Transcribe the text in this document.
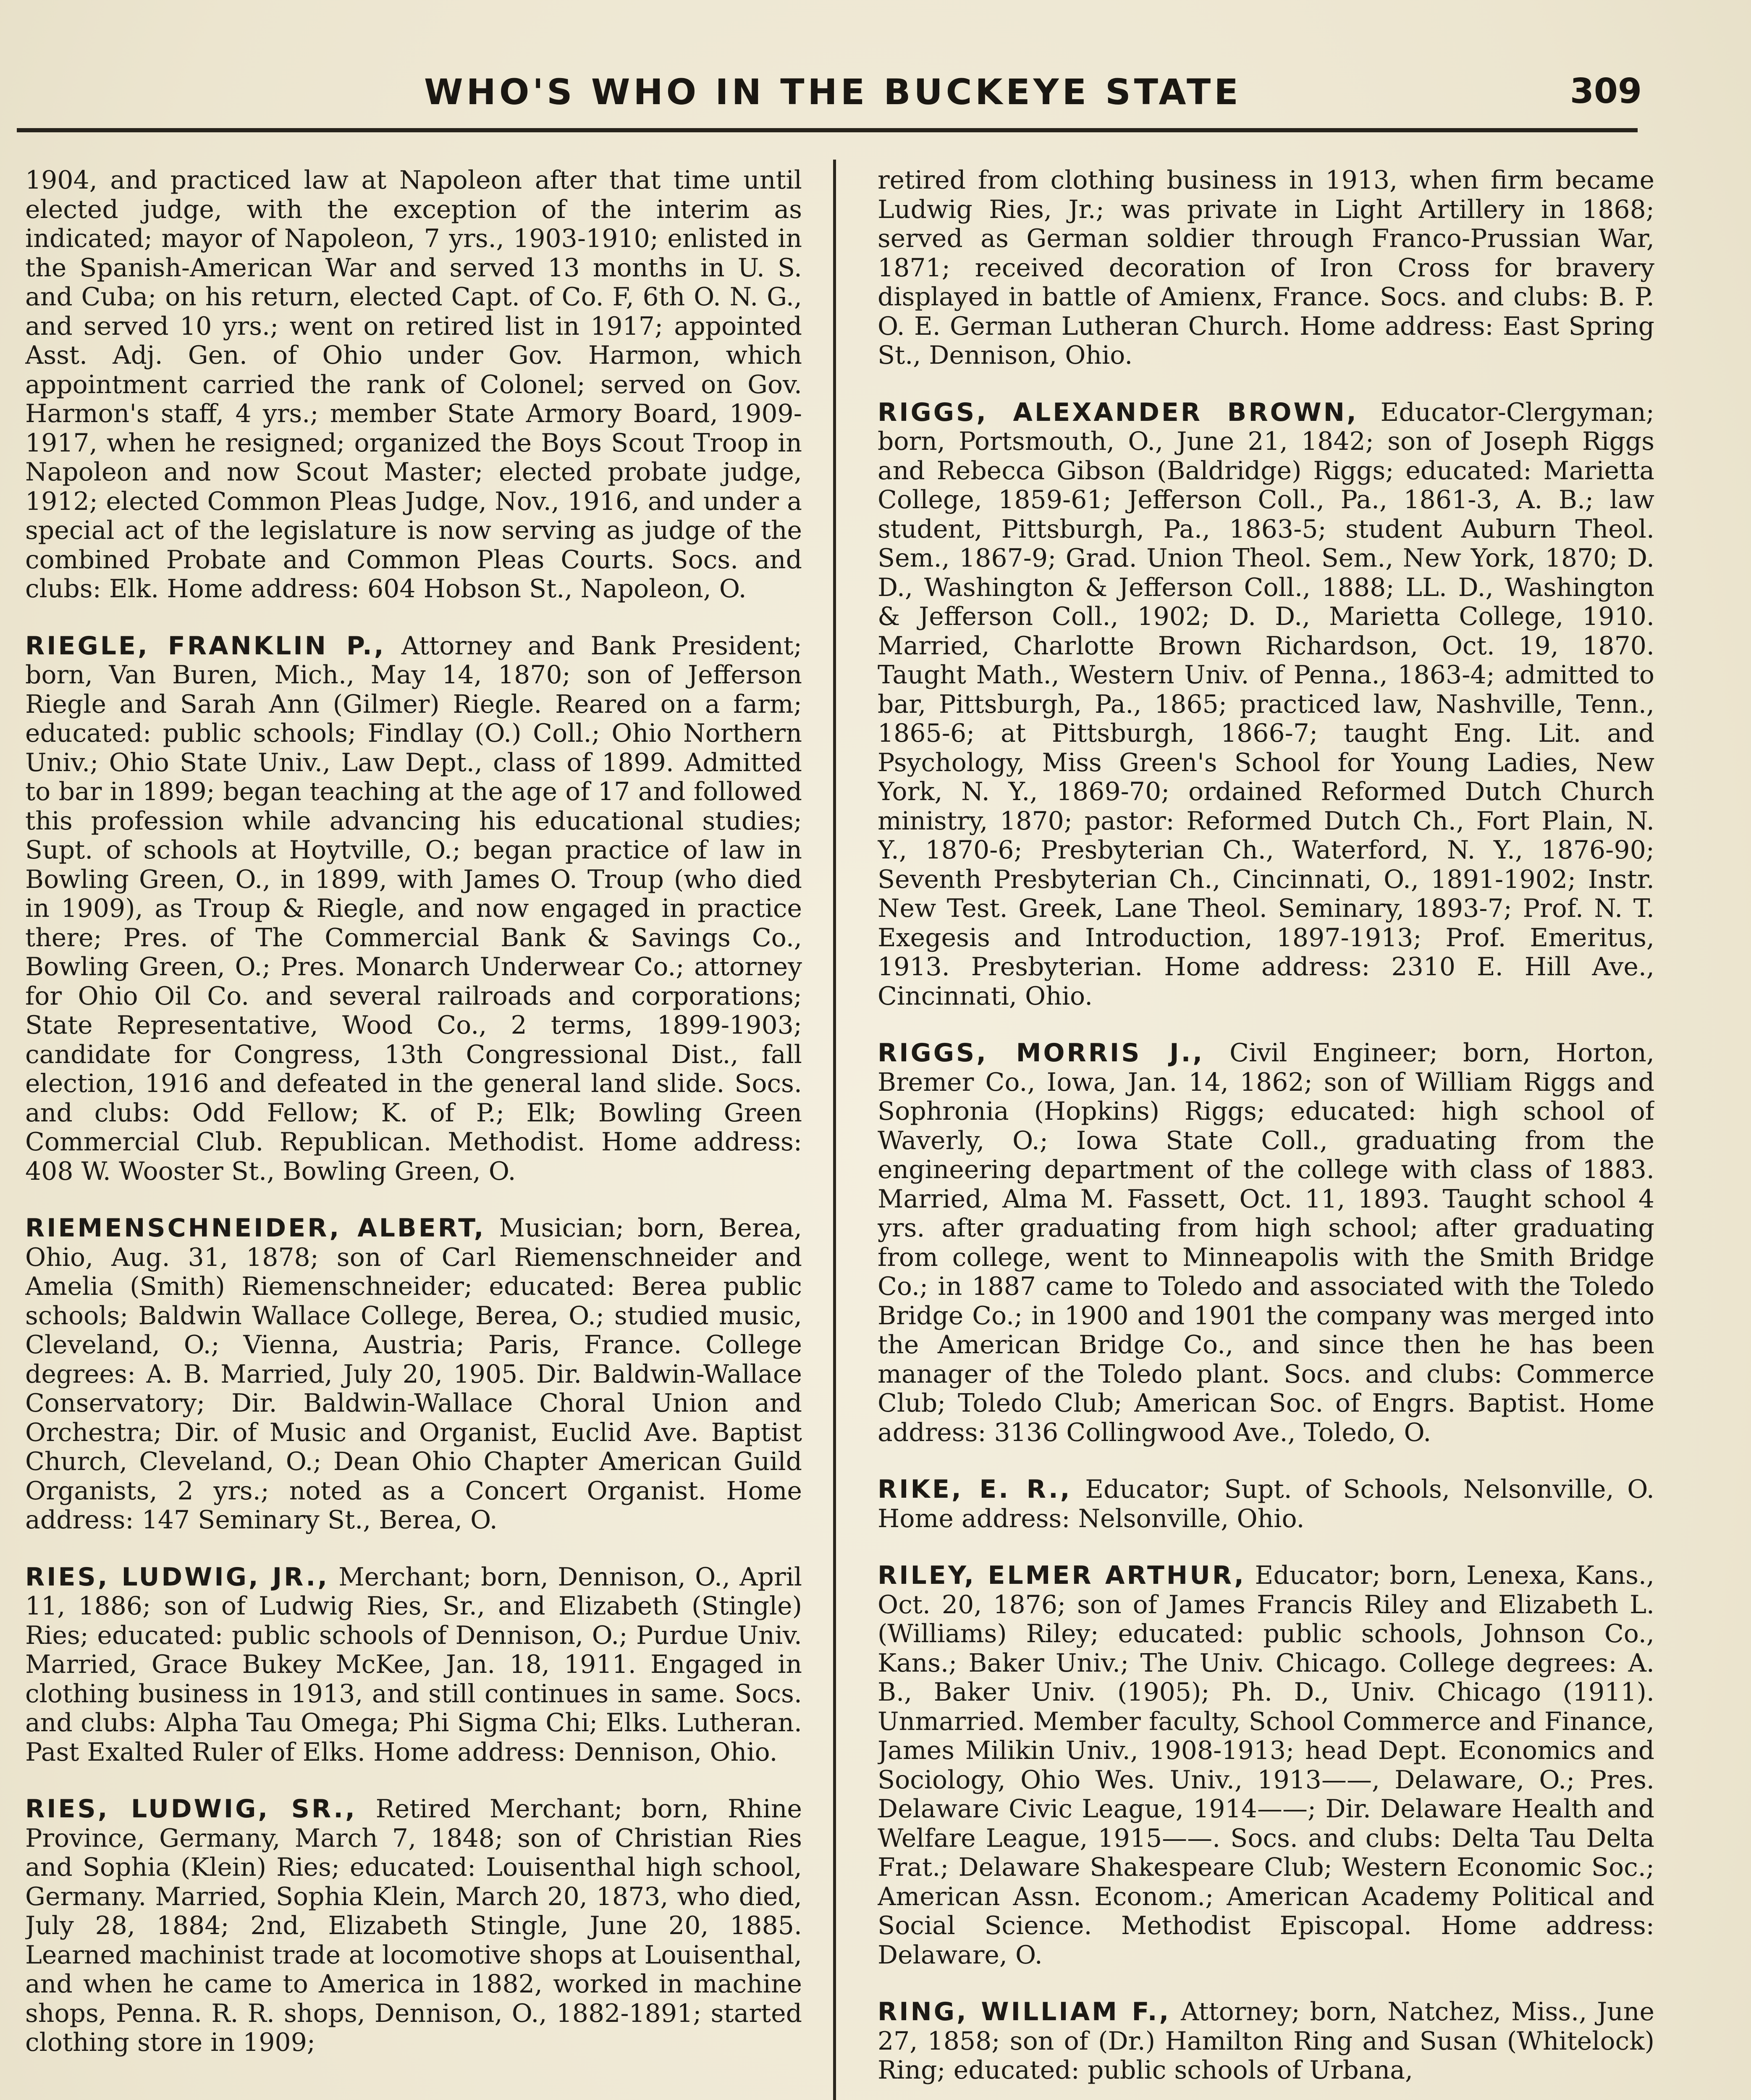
WHO'S WHO IN THE BUCKEYE STATE	309

1904, and practiced law at Napoleon after that time until elected judge, with the exception of the interim as indicated; mayor of Napoleon, 7 yrs., 1903-1910; enlisted in the Spanish-American War and served 13 months in U. S. and Cuba; on his return, elected Capt. of Co. F, 6th O. N. G., and served 10 yrs.; went on retired list in 1917; appointed Asst. Adj. Gen. of Ohio under Gov. Harmon, which appointment carried the rank of Colonel; served on Gov. Harmon's staff, 4 yrs.; member State Armory Board, 1909-1917, when he resigned; organized the Boys Scout Troop in Napoleon and now Scout Master; elected probate judge, 1912; elected Common Pleas Judge, Nov., 1916, and under a special act of the legislature is now serving as judge of the combined Probate and Common Pleas Courts. Socs. and clubs: Elk. Home address: 604 Hobson St., Napoleon, O.

RIEGLE, FRANKLIN P., Attorney and Bank President; born, Van Buren, Mich., May 14, 1870; son of Jefferson Riegle and Sarah Ann (Gilmer) Riegle. Reared on a farm; educated: public schools; Findlay (O.) Coll.; Ohio Northern Univ.; Ohio State Univ., Law Dept., class of 1899. Admitted to bar in 1899; began teaching at the age of 17 and followed this profession while advancing his educational studies; Supt. of schools at Hoytville, O.; began practice of law in Bowling Green, O., in 1899, with James O. Troup (who died in 1909), as Troup & Riegle, and now engaged in practice there; Pres. of The Commercial Bank & Savings Co., Bowling Green, O.; Pres. Monarch Underwear Co.; attorney for Ohio Oil Co. and several railroads and corporations; State Representative, Wood Co., 2 terms, 1899-1903; candidate for Congress, 13th Congressional Dist., fall election, 1916 and defeated in the general land slide. Socs. and clubs: Odd Fellow; K. of P.; Elk; Bowling Green Commercial Club. Republican. Methodist. Home address: 408 W. Wooster St., Bowling Green, O.

RIEMENSCHNEIDER, ALBERT, Musician; born, Berea, Ohio, Aug. 31, 1878; son of Carl Riemenschneider and Amelia (Smith) Riemenschneider; educated: Berea public schools; Baldwin Wallace College, Berea, O.; studied music, Cleveland, O.; Vienna, Austria; Paris, France. College degrees: A. B. Married, July 20, 1905. Dir. Baldwin-Wallace Conservatory; Dir. Baldwin-Wallace Choral Union and Orchestra; Dir. of Music and Organist, Euclid Ave. Baptist Church, Cleveland, O.; Dean Ohio Chapter American Guild Organists, 2 yrs.; noted as a Concert Organist. Home address: 147 Seminary St., Berea, O.

RIES, LUDWIG, JR., Merchant; born, Dennison, O., April 11, 1886; son of Ludwig Ries, Sr., and Elizabeth (Stingle) Ries; educated: public schools of Dennison, O.; Purdue Univ. Married, Grace Bukey McKee, Jan. 18, 1911. Engaged in clothing business in 1913, and still continues in same. Socs. and clubs: Alpha Tau Omega; Phi Sigma Chi; Elks. Lutheran. Past Exalted Ruler of Elks. Home address: Dennison, Ohio.

RIES, LUDWIG, SR., Retired Merchant; born, Rhine Province, Germany, March 7, 1848; son of Christian Ries and Sophia (Klein) Ries; educated: Louisenthal high school, Germany. Married, Sophia Klein, March 20, 1873, who died, July 28, 1884; 2nd, Elizabeth Stingle, June 20, 1885. Learned machinist trade at locomotive shops at Louisenthal, and when he came to America in 1882, worked in machine shops, Penna. R. R. shops, Dennison, O., 1882-1891; started clothing store in 1909;

retired from clothing business in 1913, when firm became Ludwig Ries, Jr.; was private in Light Artillery in 1868; served as German soldier through Franco-Prussian War, 1871; received decoration of Iron Cross for bravery displayed in battle of Amienx, France. Socs. and clubs: B. P. O. E. German Lutheran Church. Home address: East Spring St., Dennison, Ohio.

RIGGS, ALEXANDER BROWN, Educator-Clergyman; born, Portsmouth, O., June 21, 1842; son of Joseph Riggs and Rebecca Gibson (Baldridge) Riggs; educated: Marietta College, 1859-61; Jefferson Coll., Pa., 1861-3, A. B.; law student, Pittsburgh, Pa., 1863-5; student Auburn Theol. Sem., 1867-9; Grad. Union Theol. Sem., New York, 1870; D. D., Washington & Jefferson Coll., 1888; LL. D., Washington & Jefferson Coll., 1902; D. D., Marietta College, 1910. Married, Charlotte Brown Richardson, Oct. 19, 1870. Taught Math., Western Univ. of Penna., 1863-4; admitted to bar, Pittsburgh, Pa., 1865; practiced law, Nashville, Tenn., 1865-6; at Pittsburgh, 1866-7; taught Eng. Lit. and Psychology, Miss Green's School for Young Ladies, New York, N. Y., 1869-70; ordained Reformed Dutch Church ministry, 1870; pastor: Reformed Dutch Ch., Fort Plain, N. Y., 1870-6; Presbyterian Ch., Waterford, N. Y., 1876-90; Seventh Presbyterian Ch., Cincinnati, O., 1891-1902; Instr. New Test. Greek, Lane Theol. Seminary, 1893-7; Prof. N. T. Exegesis and Introduction, 1897-1913; Prof. Emeritus, 1913. Presbyterian. Home address: 2310 E. Hill Ave., Cincinnati, Ohio.

RIGGS, MORRIS J., Civil Engineer; born, Horton, Bremer Co., Iowa, Jan. 14, 1862; son of William Riggs and Sophronia (Hopkins) Riggs; educated: high school of Waverly, O.; Iowa State Coll., graduating from the engineering department of the college with class of 1883. Married, Alma M. Fassett, Oct. 11, 1893. Taught school 4 yrs. after graduating from high school; after graduating from college, went to Minneapolis with the Smith Bridge Co.; in 1887 came to Toledo and associated with the Toledo Bridge Co.; in 1900 and 1901 the company was merged into the American Bridge Co., and since then he has been manager of the Toledo plant. Socs. and clubs: Commerce Club; Toledo Club; American Soc. of Engrs. Baptist. Home address: 3136 Collingwood Ave., Toledo, O.

RIKE, E. R., Educator; Supt. of Schools, Nelsonville, O. Home address: Nelsonville, Ohio.

RILEY, ELMER ARTHUR, Educator; born, Lenexa, Kans., Oct. 20, 1876; son of James Francis Riley and Elizabeth L. (Williams) Riley; educated: public schools, Johnson Co., Kans.; Baker Univ.; The Univ. Chicago. College degrees: A. B., Baker Univ. (1905); Ph. D., Univ. Chicago (1911). Unmarried. Member faculty, School Commerce and Finance, James Milikin Univ., 1908-1913; head Dept. Economics and Sociology, Ohio Wes. Univ., 1913——, Delaware, O.; Pres. Delaware Civic League, 1914——; Dir. Delaware Health and Welfare League, 1915——. Socs. and clubs: Delta Tau Delta Frat.; Delaware Shakespeare Club; Western Economic Soc.; American Assn. Econom.; American Academy Political and Social Science. Methodist Episcopal. Home address: Delaware, O.

RING, WILLIAM F., Attorney; born, Natchez, Miss., June 27, 1858; son of (Dr.) Hamilton Ring and Susan (Whitelock) Ring; educated: public schools of Urbana,
